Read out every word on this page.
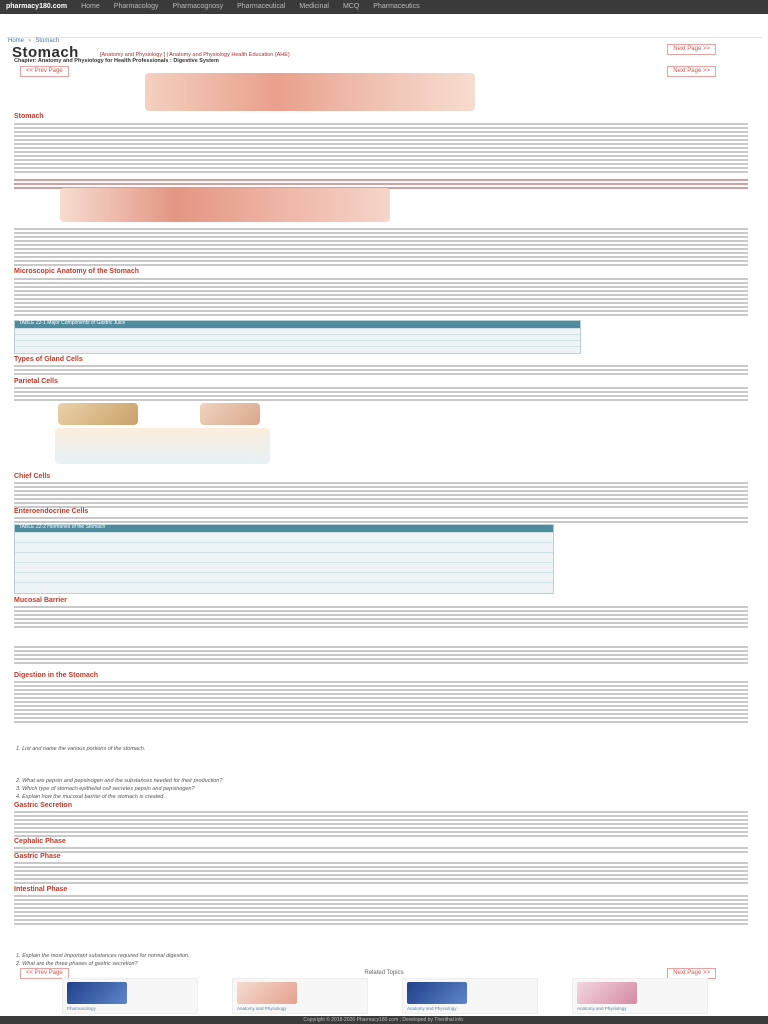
pharmacy180.com Home Pharmacology Pharmacognosy Pharmaceutical Medicinal MCQ Pharmaceutics
Home » Stomach
Stomach	Next Page >>
<< Prev Page	Next Page >>
[Anatomy and Physiology ] | Anatomy and Physiology Health Education (AHE)
Chapter: Anatomy and Physiology for Health Professionals : Digestive System
Stomach
Microscopic Anatomy of the Stomach
TABLE 22-1 Major Components of Gastric Juice
Types of Gland Cells
Parietal Cells
Chief Cells
Enteroendocrine Cells
TABLE 22-2 Hormones of the Stomach
Mucosal Barrier
Digestion in the Stomach
1. List and name the various portions of the stomach.
2. What are pepsin and pepsinogen and the substances needed for their production?
3. Which type of stomach epithelial cell secretes pepsin and pepsinogen?
4. Explain how the mucosal barrier of the stomach is created.
Gastric Secretion
Cephalic Phase
Gastric Phase
Intestinal Phase
1. Explain the most important substances required for normal digestion.
2. What are the three phases of gastric secretion?
<< Prev Page	Next Page >>
Related Topics
Pharmacology	Anatomy and Physiology	Anatomy and Physiology	Anatomy and Physiology
Copyright © 2018-2026 Pharmacy180.com ; Developed by Therithal info.
